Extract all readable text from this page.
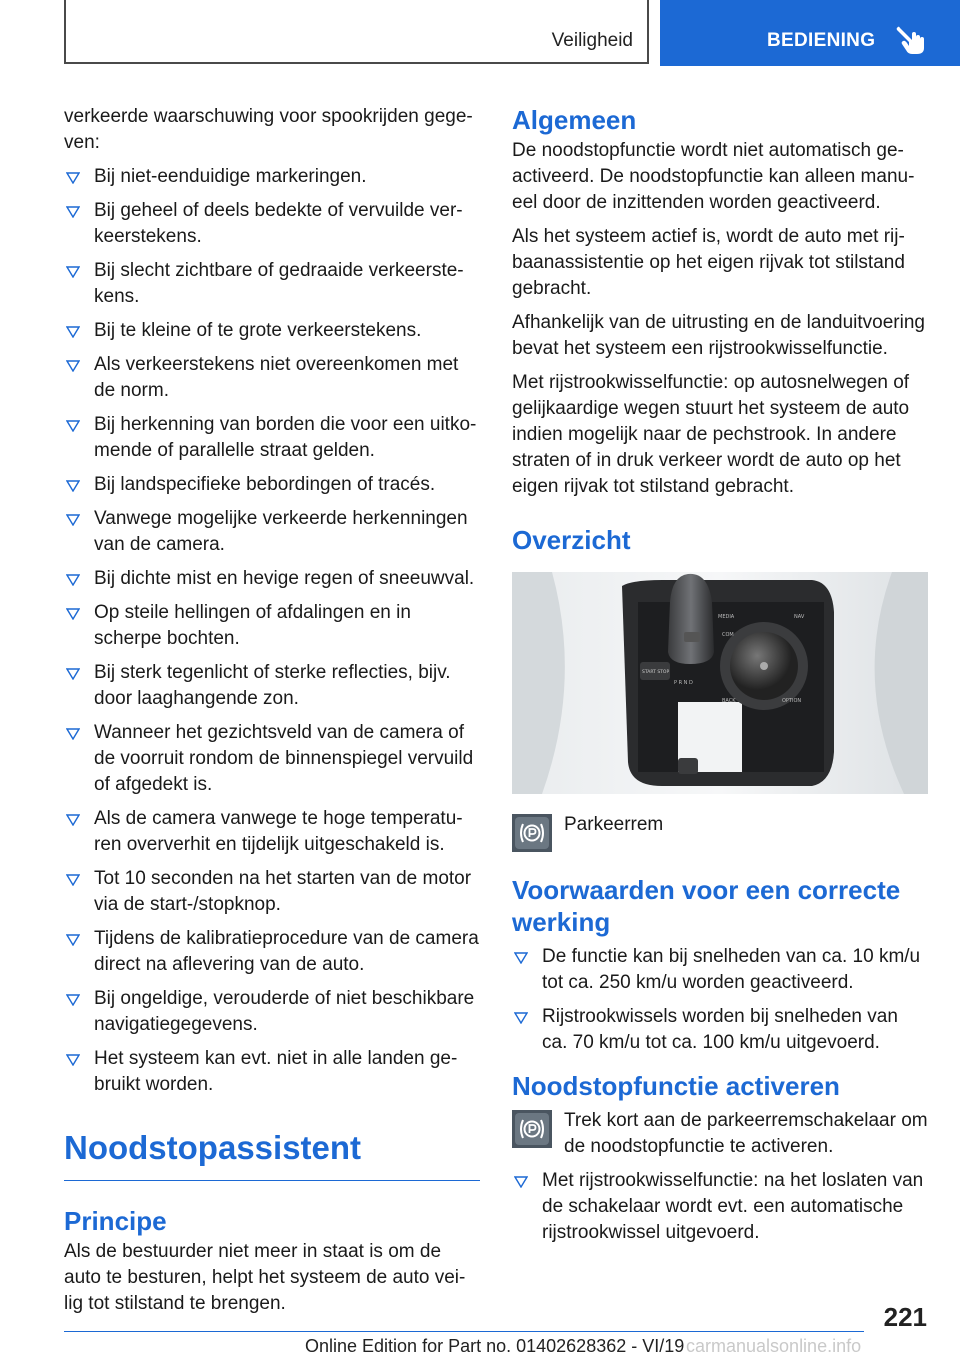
Veiligheid	BEDIENING

verkeerde waarschuwing voor spookrijden gege-ven:

Bij niet-eenduidige markeringen.
Bij geheel of deels bedekte of vervuilde ver-keerstekens.
Bij slecht zichtbare of gedraaide verkeerste-kens.
Bij te kleine of te grote verkeerstekens.
Als verkeerstekens niet overeenkomen met de norm.
Bij herkenning van borden die voor een uitko-mende of parallelle straat gelden.
Bij landspecifieke bebordingen of tracés.
Vanwege mogelijke verkeerde herkenningen van de camera.
Bij dichte mist en hevige regen of sneeuwval.
Op steile hellingen of afdalingen en in scherpe bochten.
Bij sterk tegenlicht of sterke reflecties, bijv. door laaghangende zon.
Wanneer het gezichtsveld van de camera of de voorruit rondom de binnenspiegel vervuild of afgedekt is.
Als de camera vanwege te hoge temperatu-ren oververhit en tijdelijk uitgeschakeld is.
Tot 10 seconden na het starten van de motor via de start-/stopknop.
Tijdens de kalibratieprocedure van de camera direct na aflevering van de auto.
Bij ongeldige, verouderde of niet beschikbare navigatiegegevens.
Het systeem kan evt. niet in alle landen ge-bruikt worden.
Noodstopassistent
Principe

Als de bestuurder niet meer in staat is om de auto te besturen, helpt het systeem de auto vei-lig tot stilstand te brengen.

Algemeen

De noodstopfunctie wordt niet automatisch ge-activeerd. De noodstopfunctie kan alleen manu-eel door de inzittenden worden geactiveerd.

Als het systeem actief is, wordt de auto met rij-baanassistentie op het eigen rijvak tot stilstand gebracht.

Afhankelijk van de uitrusting en de landuitvoering bevat het systeem een rijstrookwisselfunctie.

Met rijstrookwisselfunctie: op autosnelwegen of gelijkaardige wegen stuurt het systeem de auto indien mogelijk naar de pechstrook. In andere straten of in druk verkeer wordt de auto op het eigen rijvak tot stilstand gebracht.

Overzicht
MEDIA	NAV
COM
BACK	OPTION
START STOP
P R N D

Parkeerrem

Voorwaarden voor een correcte werking
De functie kan bij snelheden van ca. 10 km/u tot ca. 250 km/u worden geactiveerd.
Rijstrookwissels worden bij snelheden van ca. 70 km/u tot ca. 100 km/u uitgevoerd.
Noodstopfunctie activeren

Trek kort aan de parkeerremschakelaar om de noodstopfunctie te activeren.

Met rijstrookwisselfunctie: na het loslaten van de schakelaar wordt evt. een automatische rijstrookwissel uitgevoerd.
221
Online Edition for Part no. 01402628362 - VI/19 carmanualsonline.info
